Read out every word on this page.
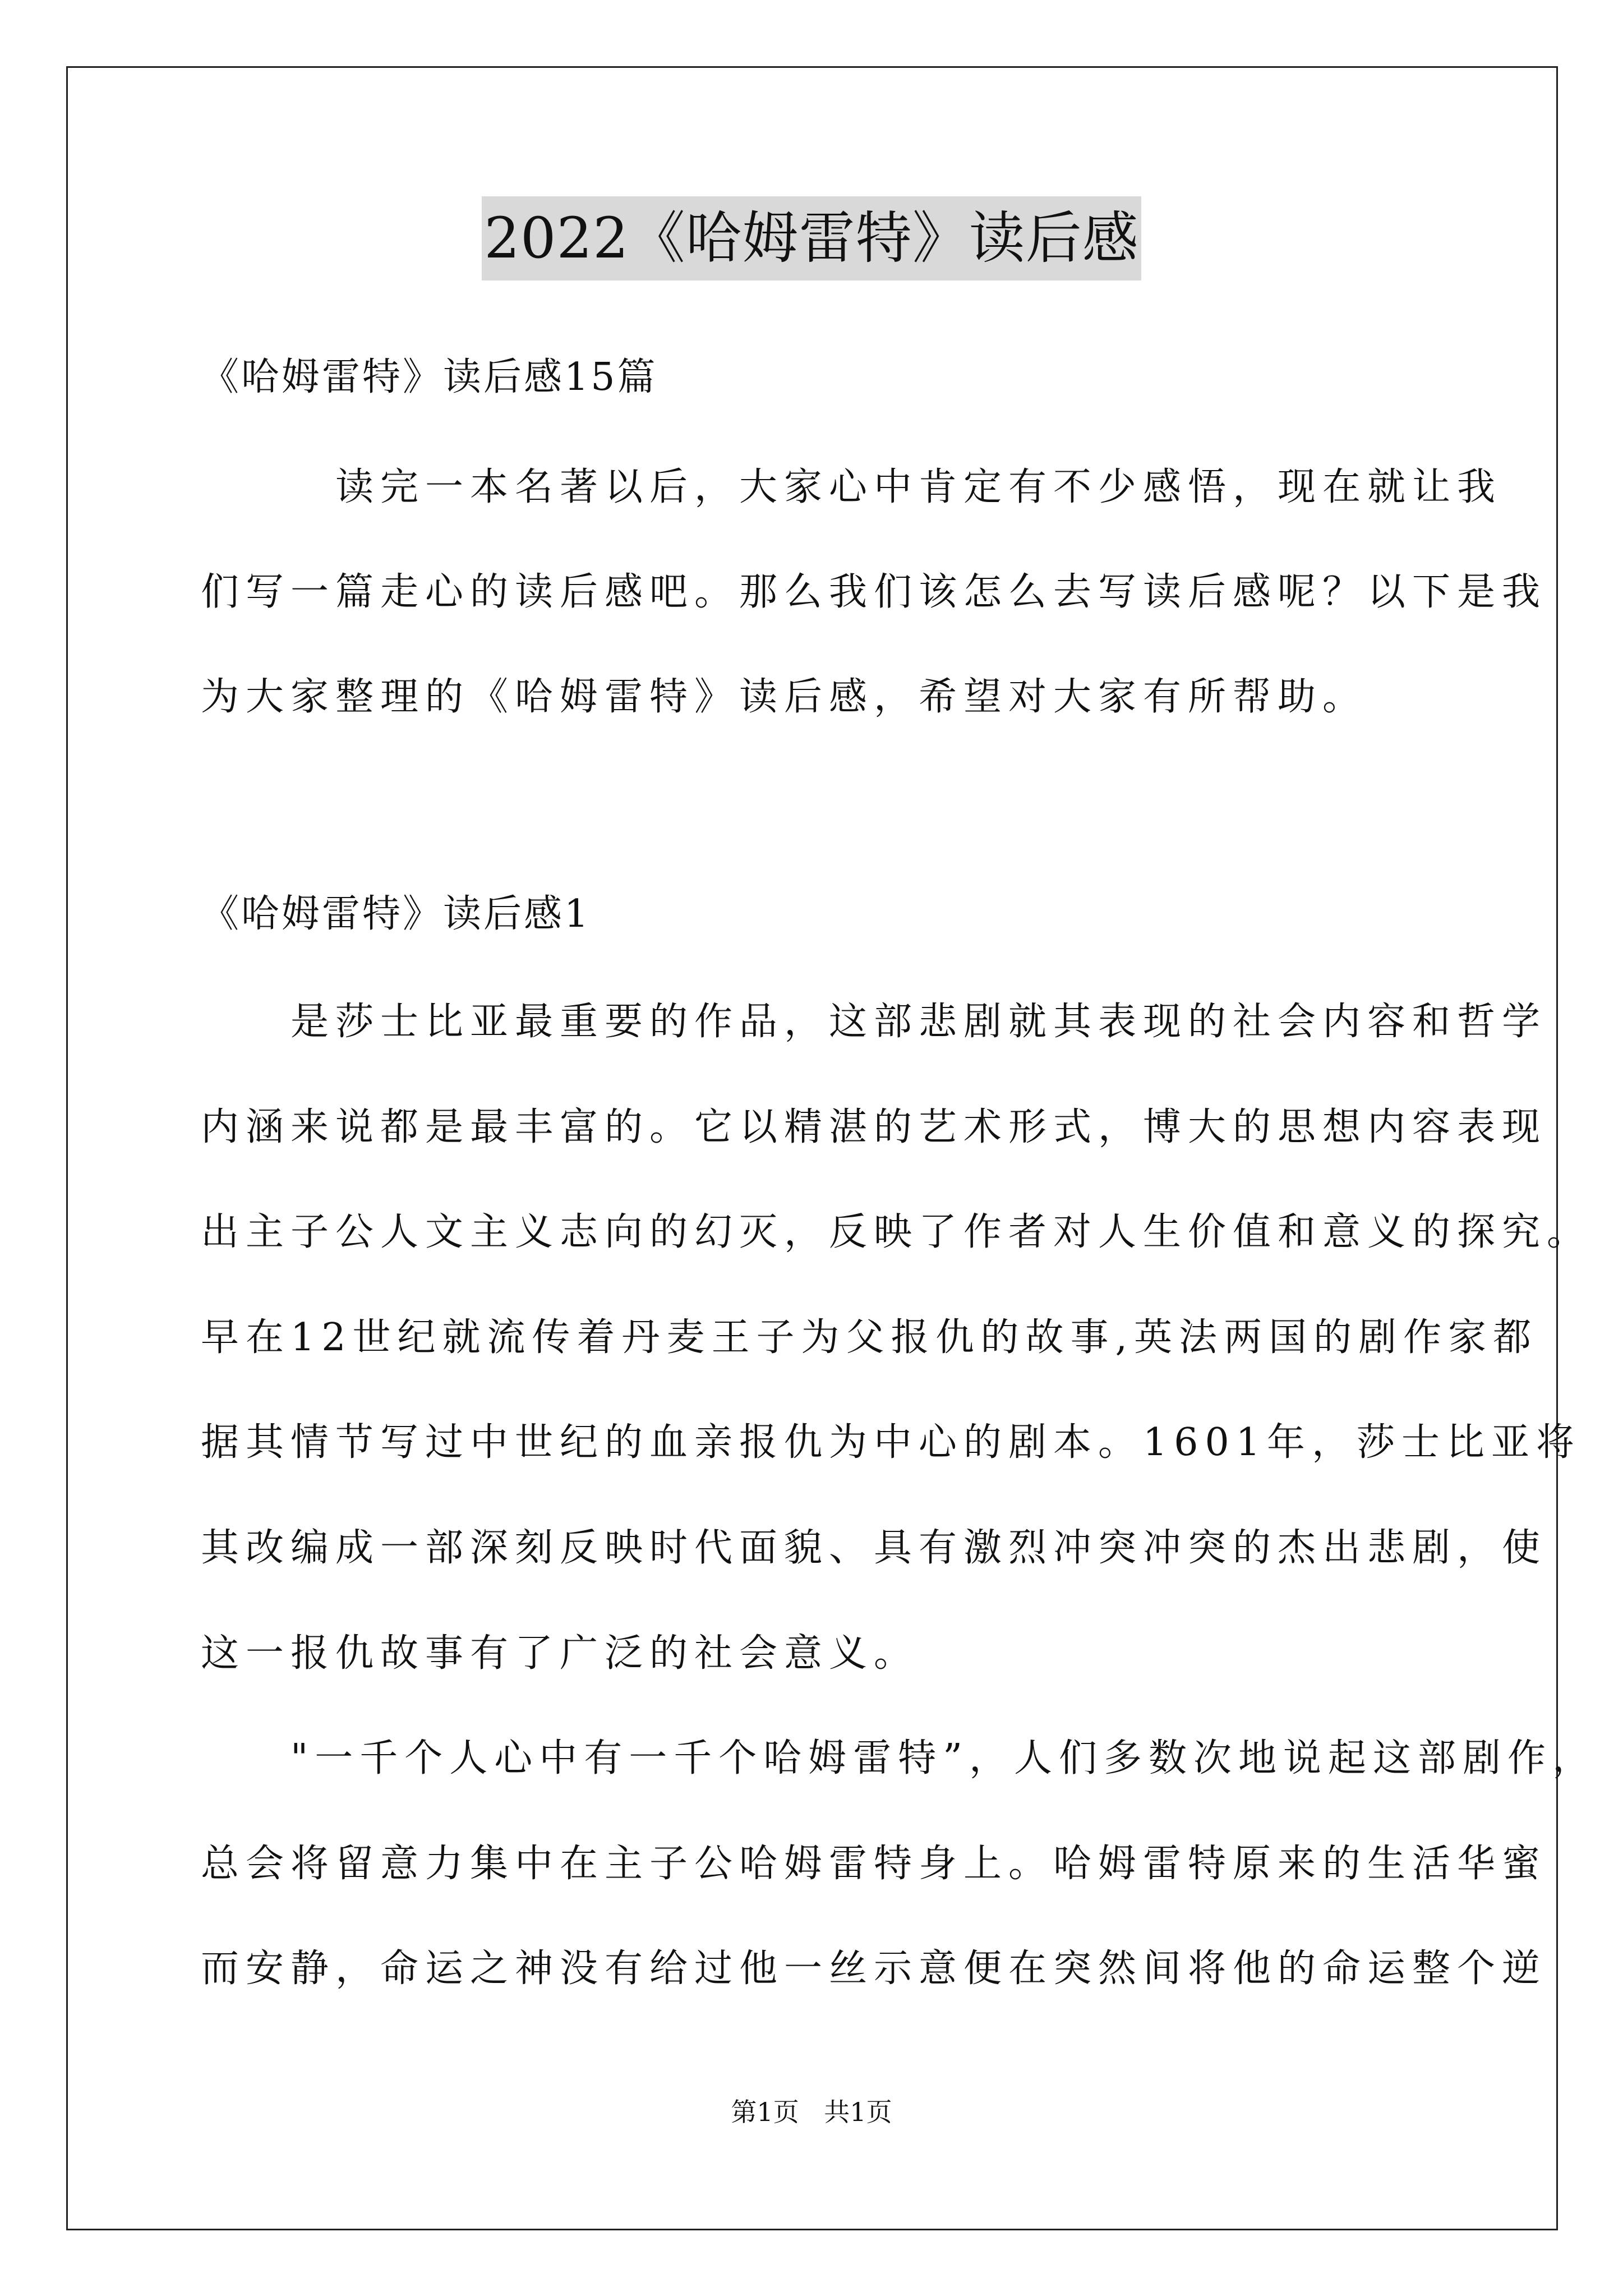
2022《哈姆雷特》读后感
《哈姆雷特》读后感15篇
　　　读完一本名著以后，大家心中肯定有不少感悟，现在就让我
们写一篇走心的读后感吧。那么我们该怎么去写读后感呢？以下是我
为大家整理的《哈姆雷特》读后感，希望对大家有所帮助。
《哈姆雷特》读后感1
　　是莎士比亚最重要的作品，这部悲剧就其表现的社会内容和哲学
内涵来说都是最丰富的。它以精湛的艺术形式，博大的思想内容表现
出主子公人文主义志向的幻灭，反映了作者对人生价值和意义的探究。
早在12世纪就流传着丹麦王子为父报仇的故事,英法两国的剧作家都
据其情节写过中世纪的血亲报仇为中心的剧本。1601年，莎士比亚将
其改编成一部深刻反映时代面貌、具有激烈冲突冲突的杰出悲剧，使
这一报仇故事有了广泛的社会意义。
　　"一千个人心中有一千个哈姆雷特”，人们多数次地说起这部剧作，
总会将留意力集中在主子公哈姆雷特身上。哈姆雷特原来的生活华蜜
而安静，命运之神没有给过他一丝示意便在突然间将他的命运整个逆
第1页 共1页
